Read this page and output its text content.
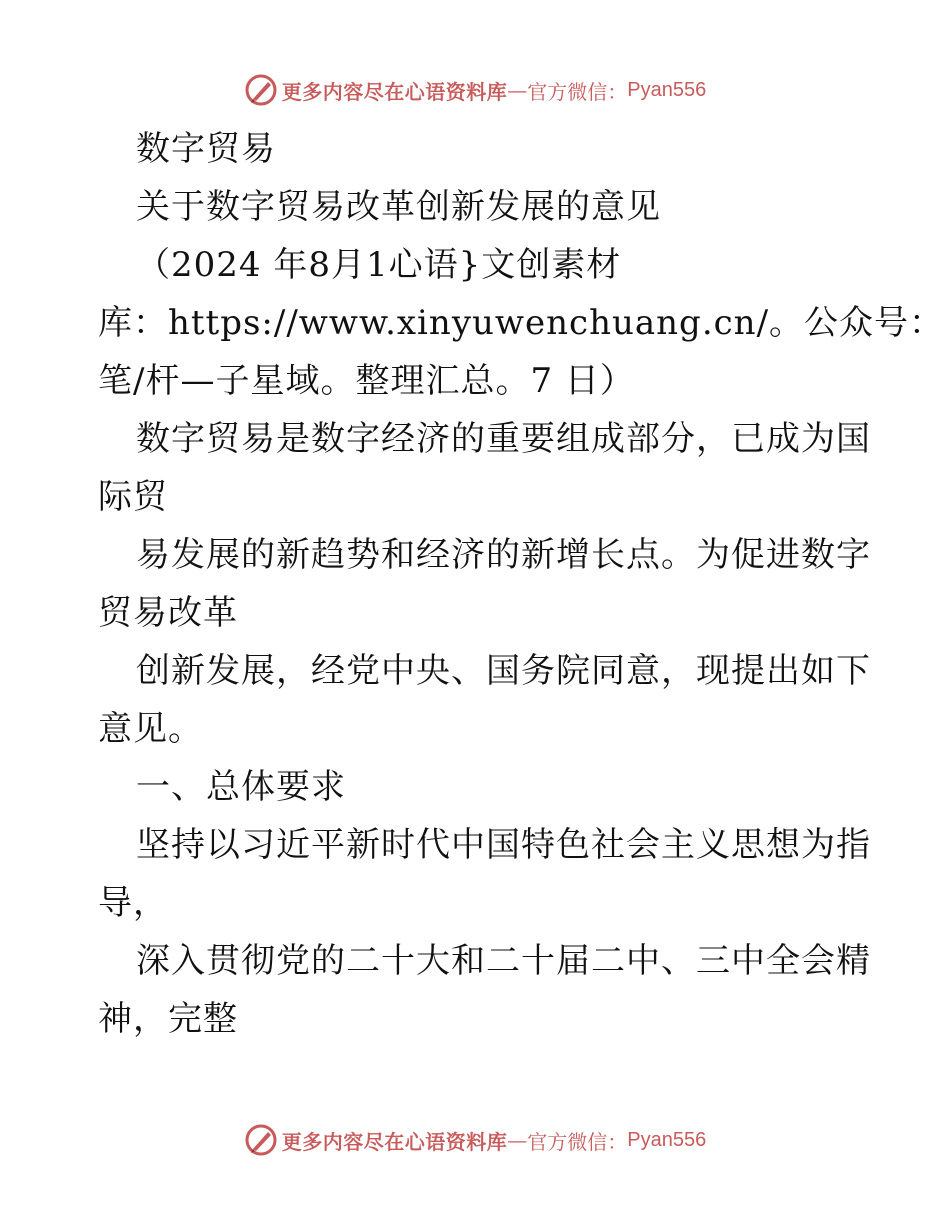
更多内容尽在心语资料库 — 官方微信： Pyan556
数字贸易
关于数字贸易改革创新发展的意见
（2024 年8月1心语}文创素材
库：https://www.xinyuwenchuang.cn/。公众号：
笔/杆—子星域。整理汇总。7 日）
数字贸易是数字经济的重要组成部分，已成为国
际贸
易发展的新趋势和经济的新增长点。为促进数字
贸易改革
创新发展，经党中央、国务院同意，现提出如下
意见。
一、总体要求
坚持以习近平新时代中国特色社会主义思想为指
导，
深入贯彻党的二十大和二十届二中、三中全会精
神，完整
更多内容尽在心语资料库 — 官方微信： Pyan556
